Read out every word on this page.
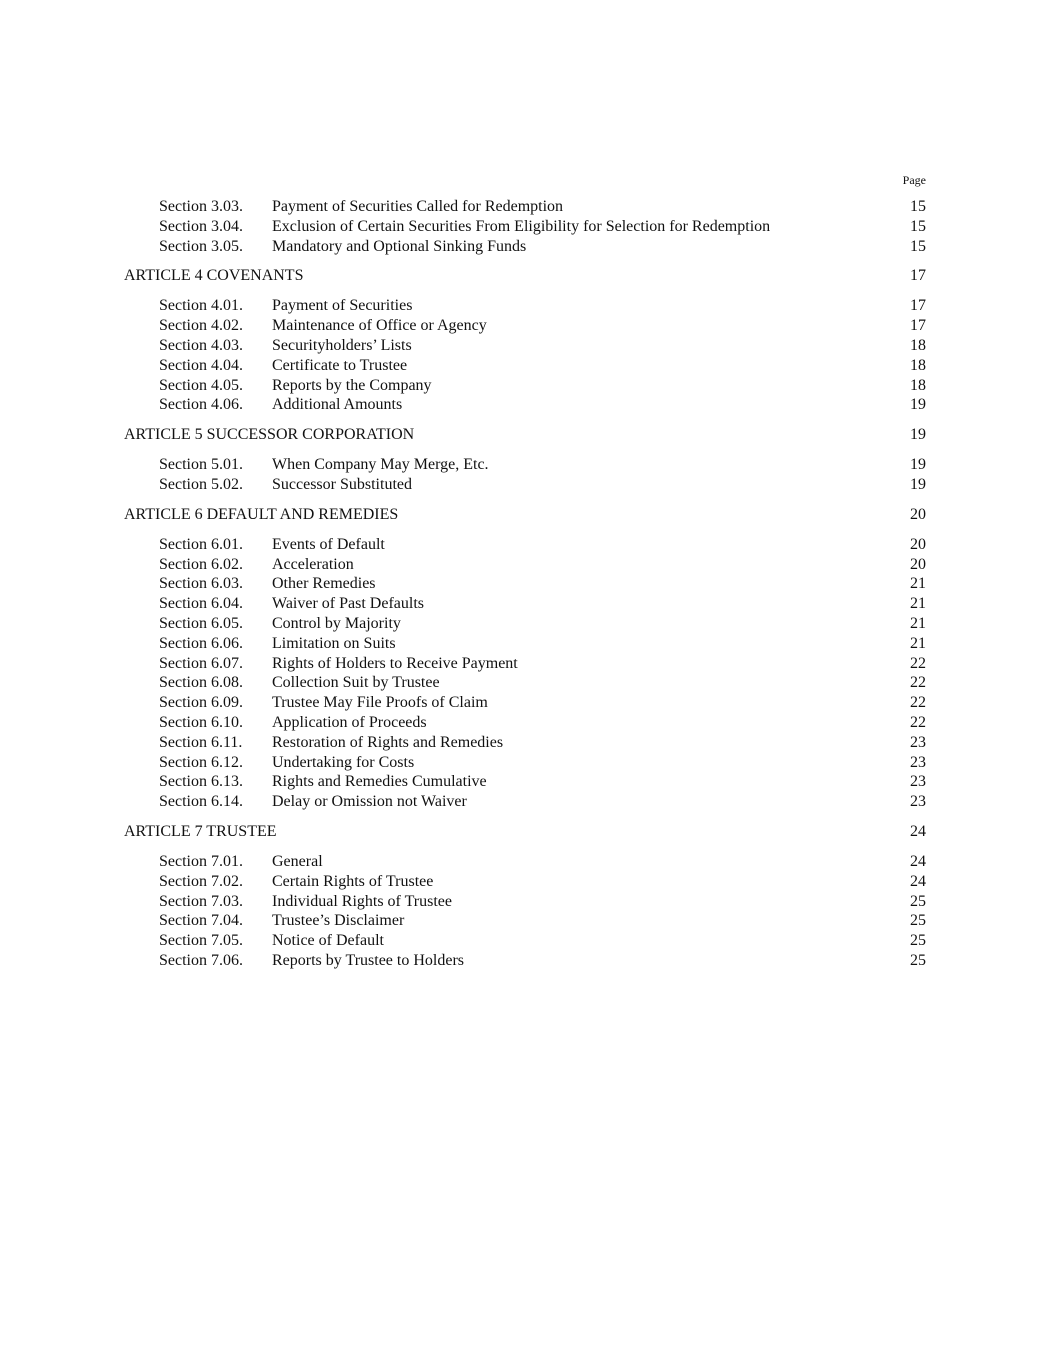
Page
Section 3.03.	Payment of Securities Called for Redemption	15
Section 3.04.	Exclusion of Certain Securities From Eligibility for Selection for Redemption	15
Section 3.05.	Mandatory and Optional Sinking Funds	15
ARTICLE 4 COVENANTS	17
Section 4.01.	Payment of Securities	17
Section 4.02.	Maintenance of Office or Agency	17
Section 4.03.	Securityholders’ Lists	18
Section 4.04.	Certificate to Trustee	18
Section 4.05.	Reports by the Company	18
Section 4.06.	Additional Amounts	19
ARTICLE 5 SUCCESSOR CORPORATION	19
Section 5.01.	When Company May Merge, Etc.	19
Section 5.02.	Successor Substituted	19
ARTICLE 6 DEFAULT AND REMEDIES	20
Section 6.01.	Events of Default	20
Section 6.02.	Acceleration	20
Section 6.03.	Other Remedies	21
Section 6.04.	Waiver of Past Defaults	21
Section 6.05.	Control by Majority	21
Section 6.06.	Limitation on Suits	21
Section 6.07.	Rights of Holders to Receive Payment	22
Section 6.08.	Collection Suit by Trustee	22
Section 6.09.	Trustee May File Proofs of Claim	22
Section 6.10.	Application of Proceeds	22
Section 6.11.	Restoration of Rights and Remedies	23
Section 6.12.	Undertaking for Costs	23
Section 6.13.	Rights and Remedies Cumulative	23
Section 6.14.	Delay or Omission not Waiver	23
ARTICLE 7 TRUSTEE	24
Section 7.01.	General	24
Section 7.02.	Certain Rights of Trustee	24
Section 7.03.	Individual Rights of Trustee	25
Section 7.04.	Trustee’s Disclaimer	25
Section 7.05.	Notice of Default	25
Section 7.06.	Reports by Trustee to Holders	25
